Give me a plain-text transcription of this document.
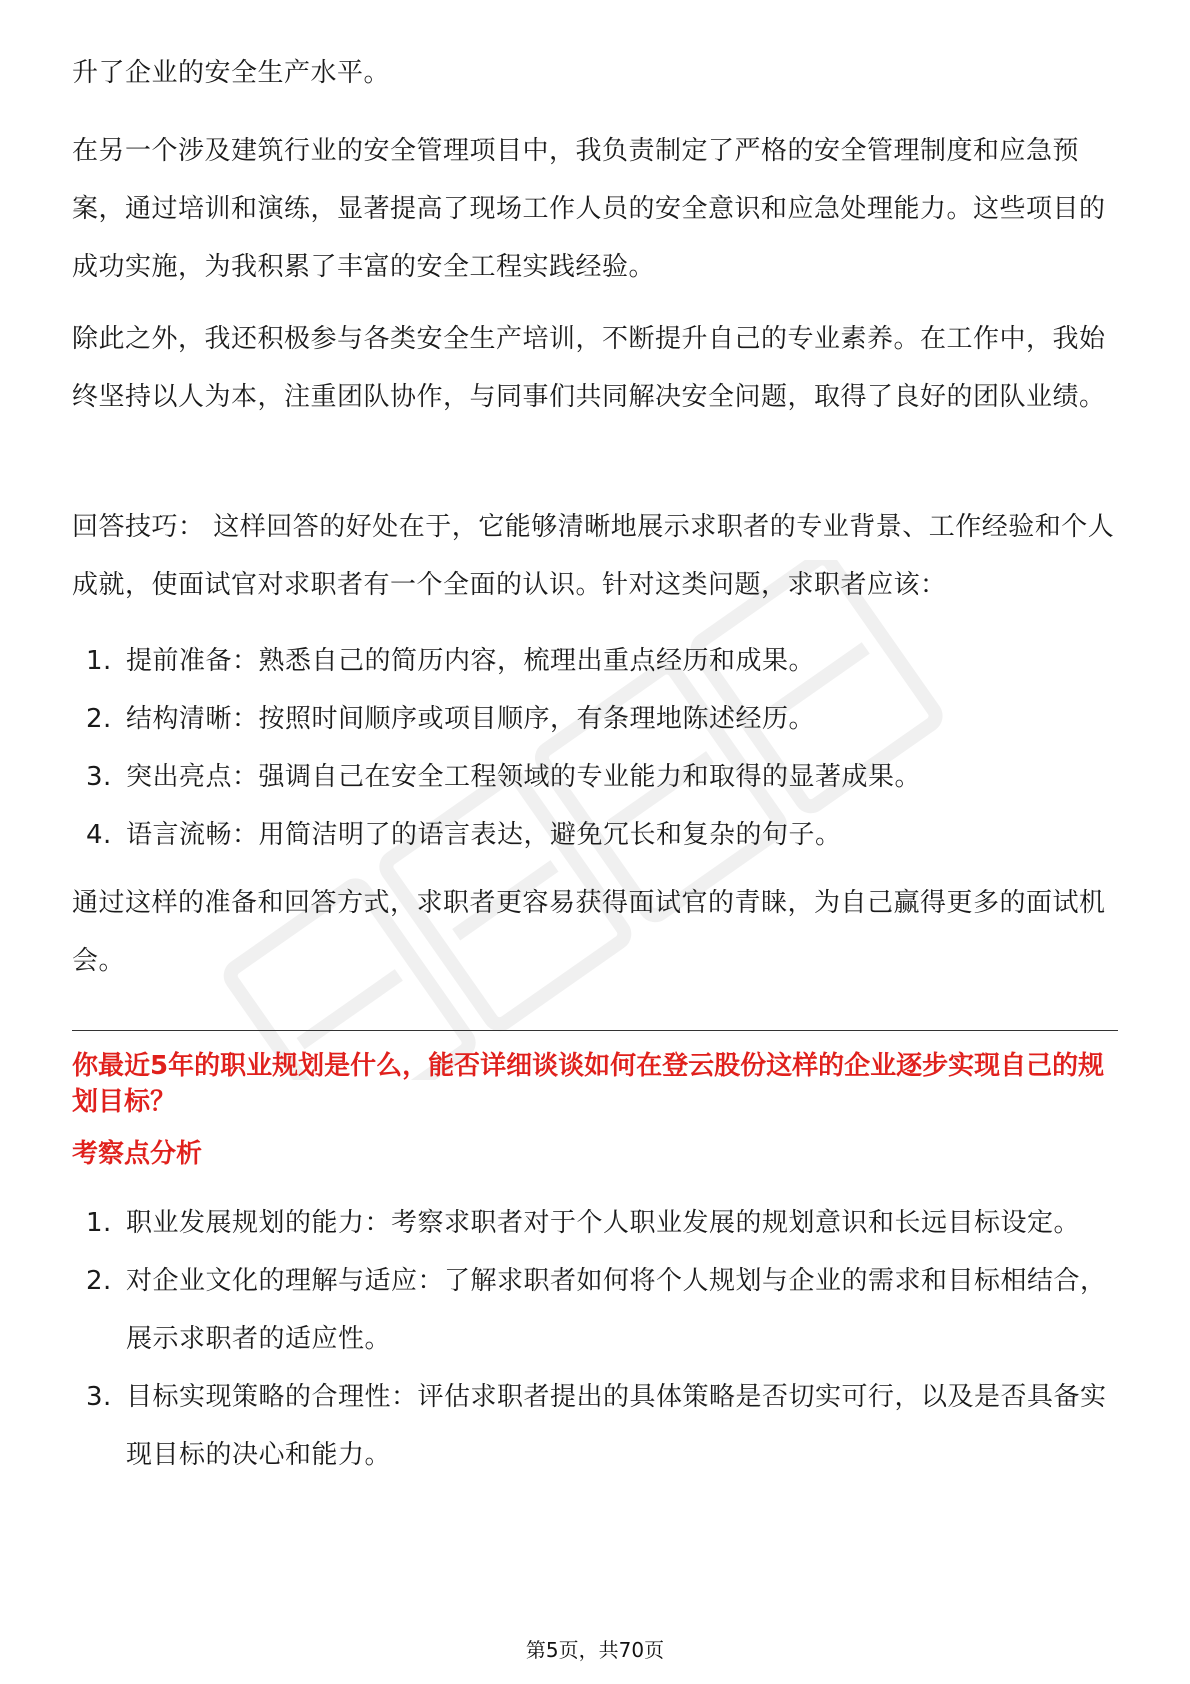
升了企业的安全生产水平。

在另一个涉及建筑行业的安全管理项目中，我负责制定了严格的安全管理制度和应急预案，通过培训和演练，显著提高了现场工作人员的安全意识和应急处理能力。这些项目的成功实施，为我积累了丰富的安全工程实践经验。

除此之外，我还积极参与各类安全生产培训，不断提升自己的专业素养。在工作中，我始终坚持以人为本，注重团队协作，与同事们共同解决安全问题，取得了良好的团队业绩。

回答技巧： 这样回答的好处在于，它能够清晰地展示求职者的专业背景、工作经验和个人成就，使面试官对求职者有一个全面的认识。针对这类问题，求职者应该：

1. 提前准备：熟悉自己的简历内容，梳理出重点经历和成果。
2. 结构清晰：按照时间顺序或项目顺序，有条理地陈述经历。
3. 突出亮点：强调自己在安全工程领域的专业能力和取得的显著成果。
4. 语言流畅：用简洁明了的语言表达，避免冗长和复杂的句子。

通过这样的准备和回答方式，求职者更容易获得面试官的青睐，为自己赢得更多的面试机会。

你最近5年的职业规划是什么，能否详细谈谈如何在登云股份这样的企业逐步实现自己的规划目标？

考察点分析

1. 职业发展规划的能力：考察求职者对于个人职业发展的规划意识和长远目标设定。
2. 对企业文化的理解与适应：了解求职者如何将个人规划与企业的需求和目标相结合，展示求职者的适应性。
3. 目标实现策略的合理性：评估求职者提出的具体策略是否切实可行，以及是否具备实现目标的决心和能力。
第5页，共70页
